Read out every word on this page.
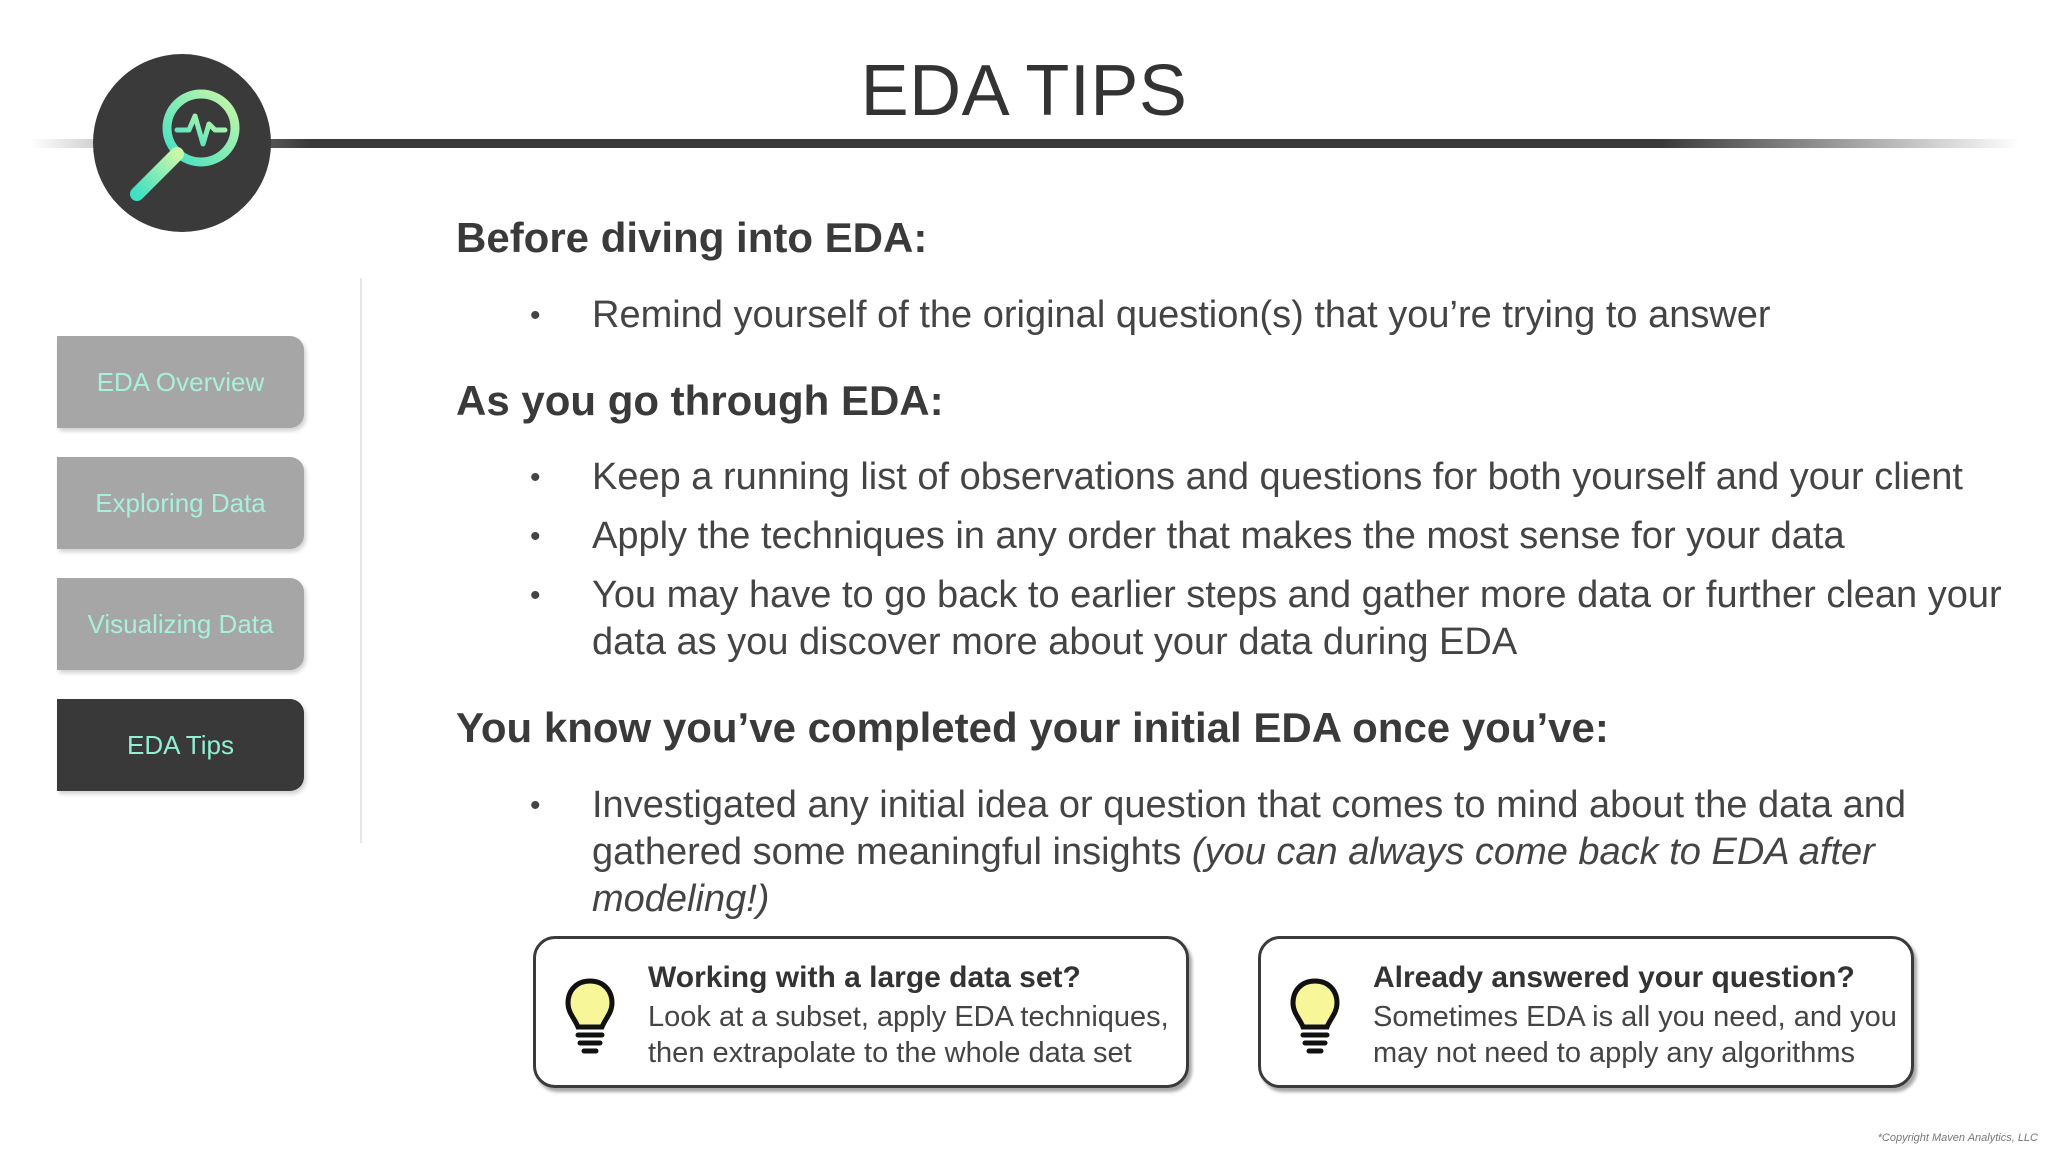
EDA TIPS
EDA Overview
Exploring Data
Visualizing Data
EDA Tips
Before diving into EDA:
• Remind yourself of the original question(s) that you’re trying to answer
As you go through EDA:
• Keep a running list of observations and questions for both yourself and your client
• Apply the techniques in any order that makes the most sense for your data
• You may have to go back to earlier steps and gather more data or further clean your data as you discover more about your data during EDA
You know you’ve completed your initial EDA once you’ve:
• Investigated any initial idea or question that comes to mind about the data and gathered some meaningful insights (you can always come back to EDA after modeling!)
Working with a large data set?
Look at a subset, apply EDA techniques, then extrapolate to the whole data set
Already answered your question?
Sometimes EDA is all you need, and you may not need to apply any algorithms
*Copyright Maven Analytics, LLC
